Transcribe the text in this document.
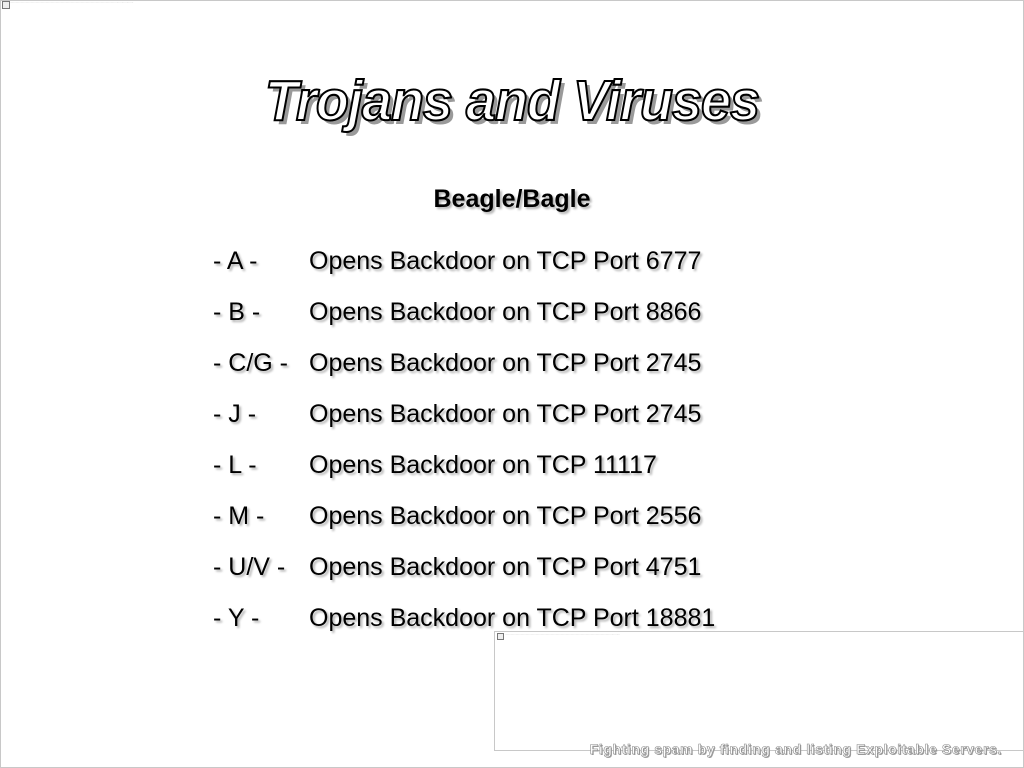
....................................................................................................................................................
Trojans and Viruses
Beagle/Bagle
- A -	Opens Backdoor on TCP Port 6777
- B -	Opens Backdoor on TCP Port 8866
- C/G - Opens Backdoor on TCP Port 2745
- J -	Opens Backdoor on TCP Port 2745
- L -	Opens Backdoor on TCP 11117
- M -	Opens Backdoor on TCP Port 2556
- U/V - Opens Backdoor on TCP Port 4751
- Y -	Opens Backdoor on TCP Port 18881
..........................................................................................................................................
Fighting spam by finding and listing Exploitable Servers.
